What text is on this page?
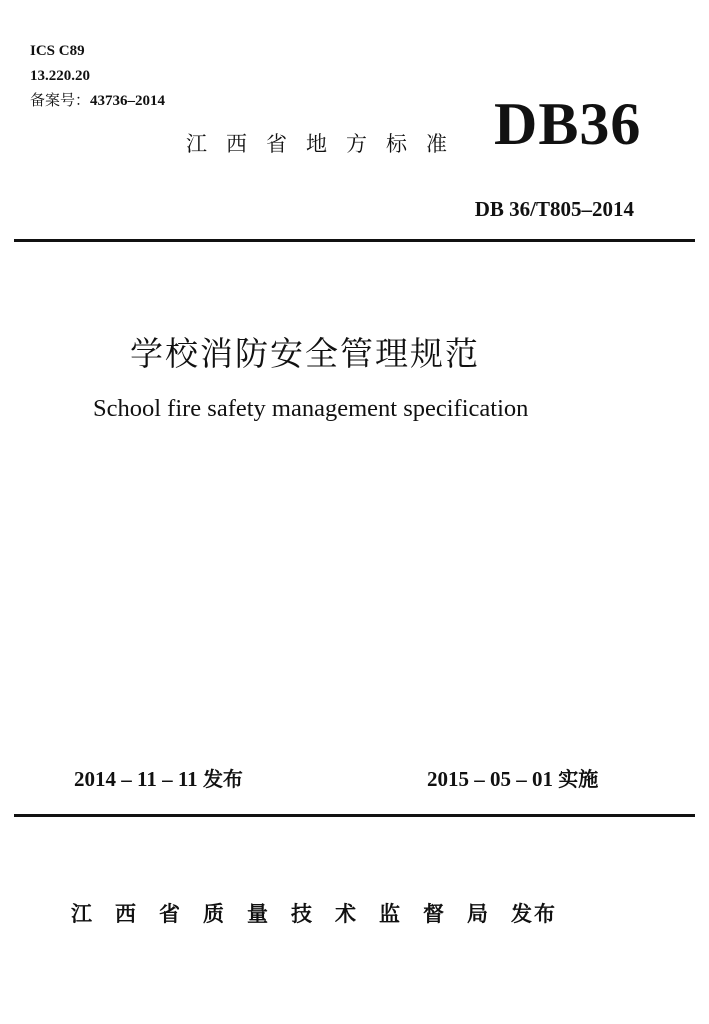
ICS C89
13.220.20
备案号：43736–2014
江西省地方标准 DB36
DB 36/T805–2014
学校消防安全管理规范
School fire safety management specification
2014 – 11 – 11 发布	2015 – 05 – 01 实施
江西省质量技术监督局发布
